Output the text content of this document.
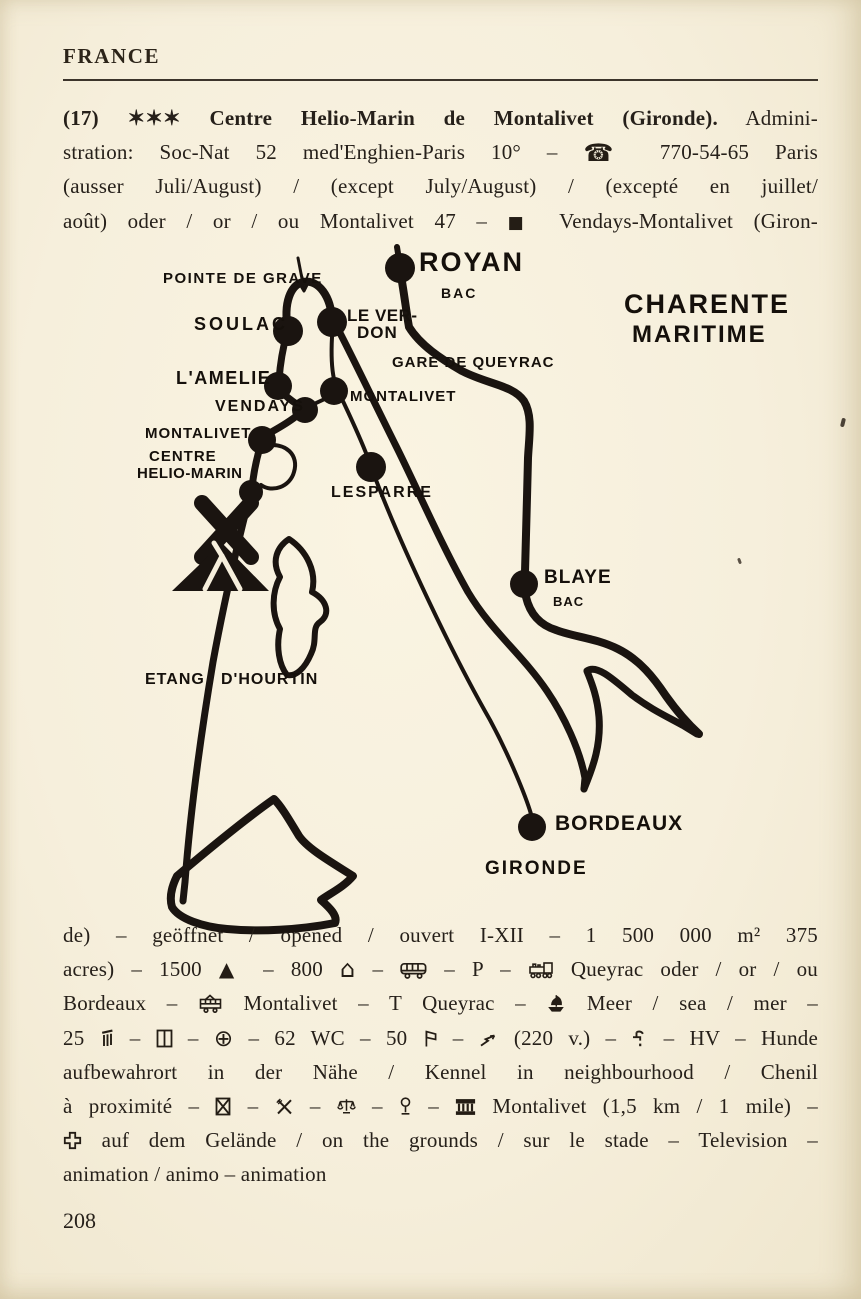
FRANCE
POINTE DE GRAVE
ROYAN
BAC	CHARENTE
MARITIME
SOULAC	LE VER-
DON
GARE DE QUEYRAC
L'AMELIE
VENDAYS
MONTALIVET
MONTALIVET
CENTRE
HELIO-MARIN
LESPARRE
BLAYE
BAC
ETANG D'HOURTIN
BORDEAUX
GIRONDE
(17) ✶✶✶ Centre Helio-Marin de Montalivet (Gironde). Admini-
stration: Soc-Nat 52 med'Enghien-Paris 10° – ☎ 770-54-65 Paris
(ausser Juli/August) / (except July/August) / (excepté en juillet/
août) oder / or / ou Montalivet 47 – ■ Vendays-Montalivet (Giron-
de) – geöffnet / opened / ouvert I-XII – 1 500 000 m² 375
acres) – 1500 ▲ – 800 ⌂ –  – P –  Queyrac oder / or / ou
Bordeaux –  Montalivet – T Queyrac –  Meer / sea / mer –
25  –  – ⊕ – 62 WC – 50  –  (220 v.) –  – HV – Hunde
aufbewahrort in der Nähe / Kennel in neighbourhood / Chenil
à proximité – ☒ –  –  –  –  Montalivet (1,5 km / 1 mile) –
auf dem Gelände / on the grounds / sur le stade – Television –
animation / animo – animation
208
